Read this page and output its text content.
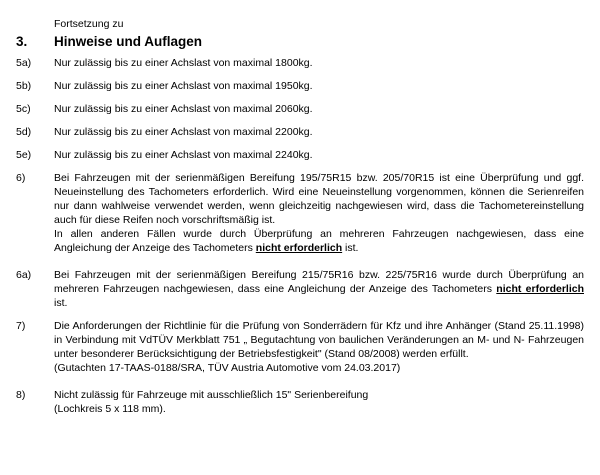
Fortsetzung zu
3.	Hinweise und Auflagen
5a)	Nur zulässig bis zu einer Achslast von maximal 1800kg.

5b)	Nur zulässig bis zu einer Achslast von maximal 1950kg.

5c)	Nur zulässig bis zu einer Achslast von maximal 2060kg.

5d)	Nur zulässig bis zu einer Achslast von maximal 2200kg.

5e)	Nur zulässig bis zu einer Achslast von maximal 2240kg.

6)	Bei Fahrzeugen mit der serienmäßigen Bereifung 195/75R15 bzw. 205/70R15 ist eine Überprüfung und ggf. Neueinstellung des Tachometers erforderlich. Wird eine Neueinstellung vorgenommen, können die Serienreifen nur dann wahlweise verwendet werden, wenn gleichzeitig nachgewiesen wird, dass die Tachometereinstellung auch für diese Reifen noch vorschriftsmäßig ist.

In allen anderen Fällen wurde durch Überprüfung an mehreren Fahrzeugen nachgewiesen, dass eine Angleichung der Anzeige des Tachometers nicht erforderlich ist.

6a)	Bei Fahrzeugen mit der serienmäßigen Bereifung 215/75R16 bzw. 225/75R16 wurde durch Überprüfung an mehreren Fahrzeugen nachgewiesen, dass eine Angleichung der Anzeige des Tachometers nicht erforderlich ist.

7)	Die Anforderungen der Richtlinie für die Prüfung von Sonderrädern für Kfz und ihre Anhänger (Stand 25.11.1998) in Verbindung mit VdTÜV Merkblatt 751 „ Begutachtung von baulichen Veränderungen an M- und N- Fahrzeugen unter besonderer Berücksichtigung der Betriebsfestigkeit" (Stand 08/2008) werden erfüllt.

(Gutachten 17-TAAS-0188/SRA, TÜV Austria Automotive vom 24.03.2017)

8)	Nicht zulässig für Fahrzeuge mit ausschließlich 15" Serienbereifung

(Lochkreis 5 x 118 mm).
